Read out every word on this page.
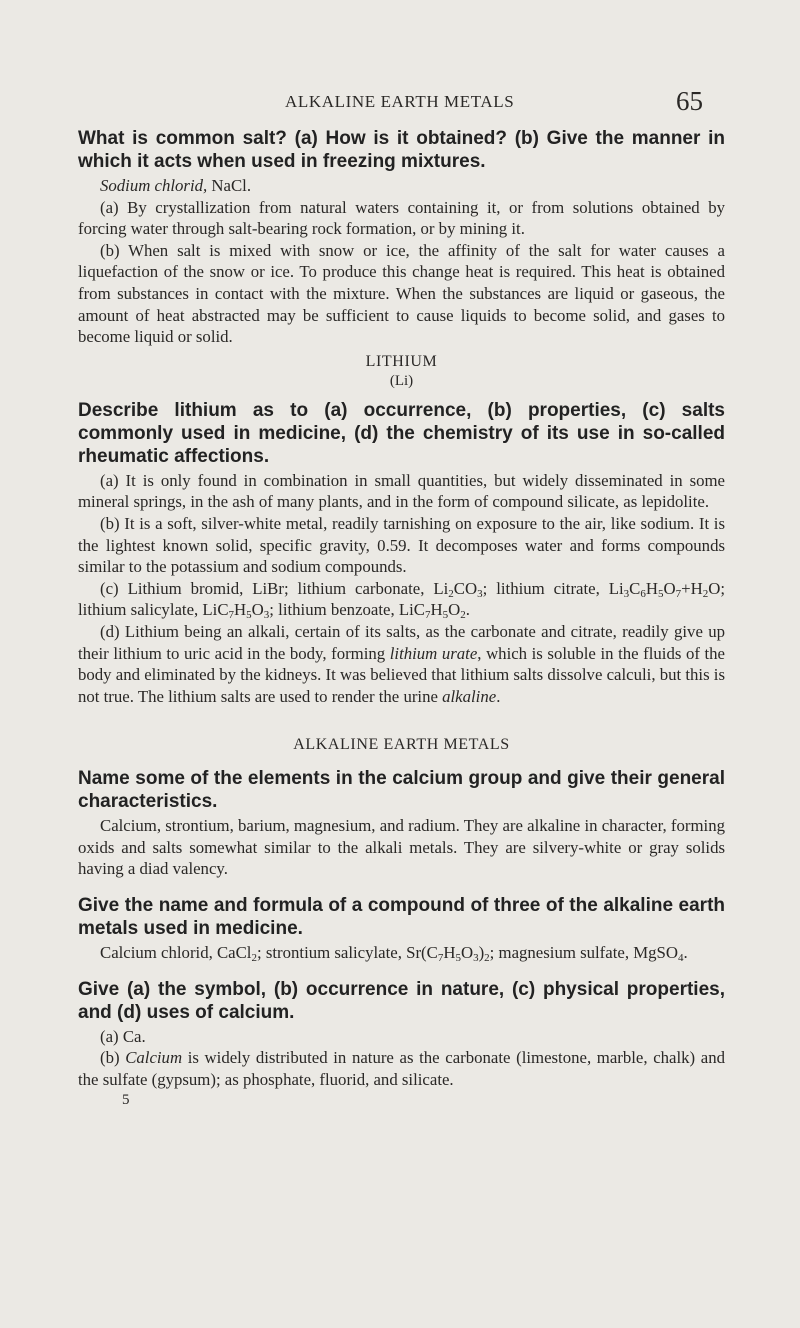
ALKALINE EARTH METALS	65

What is common salt? (a) How is it obtained? (b) Give the manner in which it acts when used in freezing mixtures.

Sodium chlorid, NaCl.

(a) By crystallization from natural waters containing it, or from solutions obtained by forcing water through salt-bearing rock formation, or by mining it.

(b) When salt is mixed with snow or ice, the affinity of the salt for water causes a liquefaction of the snow or ice. To produce this change heat is required. This heat is obtained from substances in contact with the mixture. When the substances are liquid or gaseous, the amount of heat abstracted may be sufficient to cause liquids to become solid, and gases to become liquid or solid.

LITHIUM

(Li)

Describe lithium as to (a) occurrence, (b) properties, (c) salts commonly used in medicine, (d) the chemistry of its use in so-called rheumatic affections.

(a) It is only found in combination in small quantities, but widely disseminated in some mineral springs, in the ash of many plants, and in the form of compound silicate, as lepidolite.

(b) It is a soft, silver-white metal, readily tarnishing on exposure to the air, like sodium. It is the lightest known solid, specific gravity, 0.59. It decomposes water and forms compounds similar to the potassium and sodium compounds.

(c) Lithium bromid, LiBr; lithium carbonate, $Li_2CO_3$; lithium citrate, $Li_3C_6H_5O_7+H_2O$; lithium salicylate, $LiC_7H_5O_3$; lithium benzoate, $LiC_7H_5O_2$.

(d) Lithium being an alkali, certain of its salts, as the carbonate and citrate, readily give up their lithium to uric acid in the body, forming lithium urate, which is soluble in the fluids of the body and eliminated by the kidneys. It was believed that lithium salts dissolve calculi, but this is not true. The lithium salts are used to render the urine alkaline.

ALKALINE EARTH METALS

Name some of the elements in the calcium group and give their general characteristics.

Calcium, strontium, barium, magnesium, and radium. They are alkaline in character, forming oxids and salts somewhat similar to the alkali metals. They are silvery-white or gray solids having a diad valency.

Give the name and formula of a compound of three of the alkaline earth metals used in medicine.

Calcium chlorid, CaCl$_2$; strontium salicylate, $Sr(C_7H_5O_3)_2$; magnesium sulfate, MgSO$_4$.

Give (a) the symbol, (b) occurrence in nature, (c) physical properties, and (d) uses of calcium.

(a) Ca.

(b) Calcium is widely distributed in nature as the carbonate (limestone, marble, chalk) and the sulfate (gypsum); as phosphate, fluorid, and silicate.

5
